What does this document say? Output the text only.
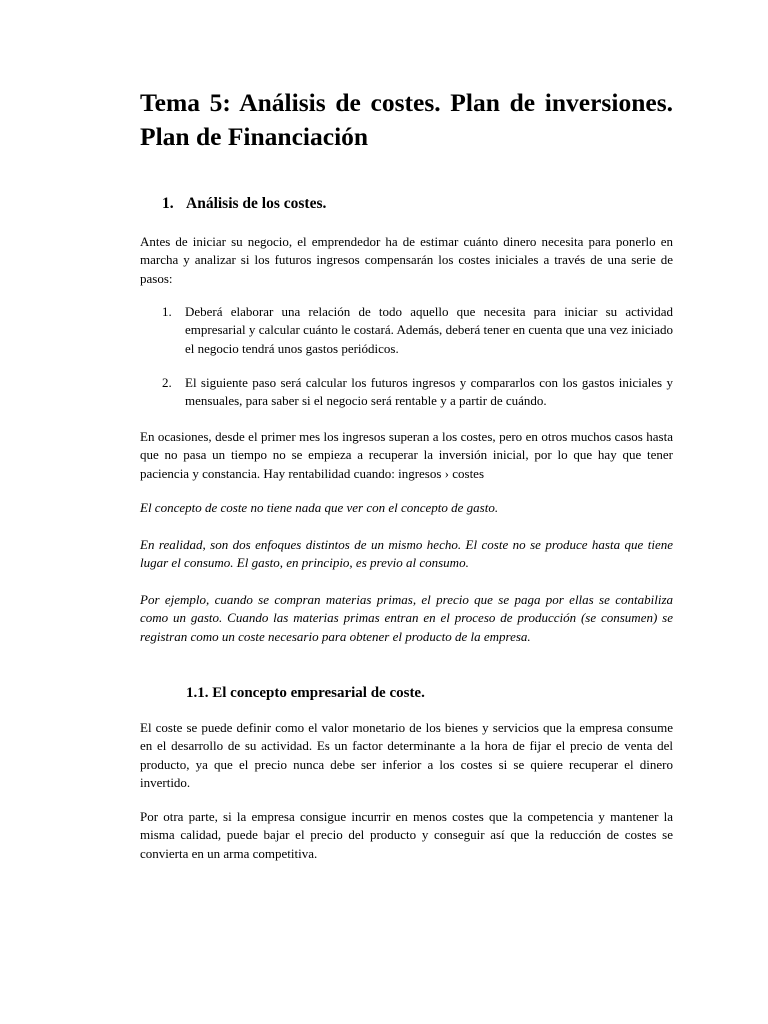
Tema 5: Análisis de costes. Plan de inversiones. Plan de Financiación
1. Análisis de los costes.

Antes de iniciar su negocio, el emprendedor ha de estimar cuánto dinero necesita para ponerlo en marcha y analizar si los futuros ingresos compensarán los costes iniciales a través de una serie de pasos:

1. Deberá elaborar una relación de todo aquello que necesita para iniciar su actividad empresarial y calcular cuánto le costará. Además, deberá tener en cuenta que una vez iniciado el negocio tendrá unos gastos periódicos.

2. El siguiente paso será calcular los futuros ingresos y compararlos con los gastos iniciales y mensuales, para saber si el negocio será rentable y a partir de cuándo.

En ocasiones, desde el primer mes los ingresos superan a los costes, pero en otros muchos casos hasta que no pasa un tiempo no se empieza a recuperar la inversión inicial, por lo que hay que tener paciencia y constancia. Hay rentabilidad cuando: ingresos › costes

El concepto de coste no tiene nada que ver con el concepto de gasto.

En realidad, son dos enfoques distintos de un mismo hecho. El coste no se produce hasta que tiene lugar el consumo. El gasto, en principio, es previo al consumo.

Por ejemplo, cuando se compran materias primas, el precio que se paga por ellas se contabiliza como un gasto. Cuando las materias primas entran en el proceso de producción (se consumen) se registran como un coste necesario para obtener el producto de la empresa.

1.1. El concepto empresarial de coste.

El coste se puede definir como el valor monetario de los bienes y servicios que la empresa consume en el desarrollo de su actividad. Es un factor determinante a la hora de fijar el precio de venta del producto, ya que el precio nunca debe ser inferior a los costes si se quiere recuperar el dinero invertido.

Por otra parte, si la empresa consigue incurrir en menos costes que la competencia y mantener la misma calidad, puede bajar el precio del producto y conseguir así que la reducción de costes se convierta en un arma competitiva.
